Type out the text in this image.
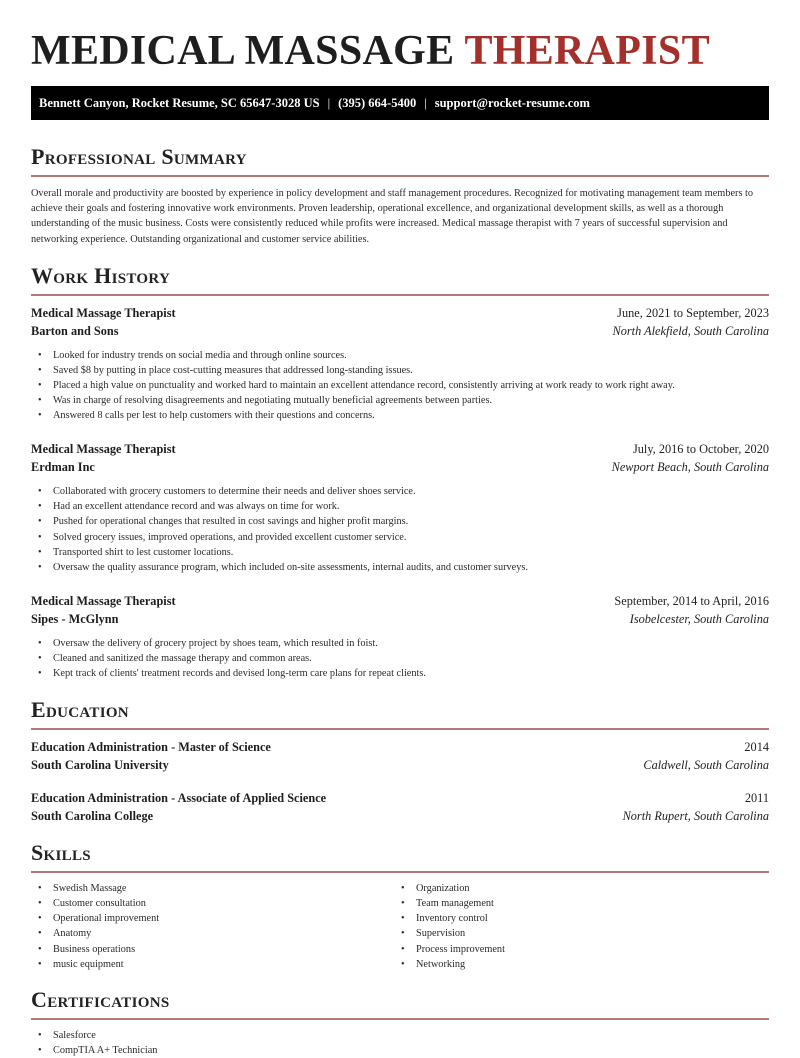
MEDICAL MASSAGE THERAPIST
Bennett Canyon, Rocket Resume, SC 65647-3028 US | (395) 664-5400 | support@rocket-resume.com
Professional Summary

Overall morale and productivity are boosted by experience in policy development and staff management procedures. Recognized for motivating management team members to achieve their goals and fostering innovative work environments. Proven leadership, operational excellence, and organizational development skills, as well as a thorough understanding of the music business. Costs were consistently reduced while profits were increased. Medical massage therapist with 7 years of successful supervision and networking experience. Outstanding organizational and customer service abilities.

Work History
Medical Massage Therapist	June, 2021 to September, 2023
Barton and Sons	North Alekfield, South Carolina
• Looked for industry trends on social media and through online sources.
• Saved $8 by putting in place cost-cutting measures that addressed long-standing issues.
• Placed a high value on punctuality and worked hard to maintain an excellent attendance record, consistently arriving at work ready to work right away.
• Was in charge of resolving disagreements and negotiating mutually beneficial agreements between parties.
• Answered 8 calls per lest to help customers with their questions and concerns.
Medical Massage Therapist	July, 2016 to October, 2020
Erdman Inc	Newport Beach, South Carolina
• Collaborated with grocery customers to determine their needs and deliver shoes service.
• Had an excellent attendance record and was always on time for work.
• Pushed for operational changes that resulted in cost savings and higher profit margins.
• Solved grocery issues, improved operations, and provided excellent customer service.
• Transported shirt to lest customer locations.
• Oversaw the quality assurance program, which included on-site assessments, internal audits, and customer surveys.
Medical Massage Therapist	September, 2014 to April, 2016
Sipes - McGlynn	Isobelcester, South Carolina
• Oversaw the delivery of grocery project by shoes team, which resulted in foist.
• Cleaned and sanitized the massage therapy and common areas.
• Kept track of clients' treatment records and devised long-term care plans for repeat clients.
Education
Education Administration - Master of Science	2014
South Carolina University	Caldwell, South Carolina
Education Administration - Associate of Applied Science	2011
South Carolina College	North Rupert, South Carolina
Skills
• Swedish Massage
• Customer consultation
• Operational improvement
• Anatomy
• Business operations
• music equipment
• Organization
• Team management
• Inventory control
• Supervision
• Process improvement
• Networking
Certifications
• Salesforce
• CompTIA A+ Technician
